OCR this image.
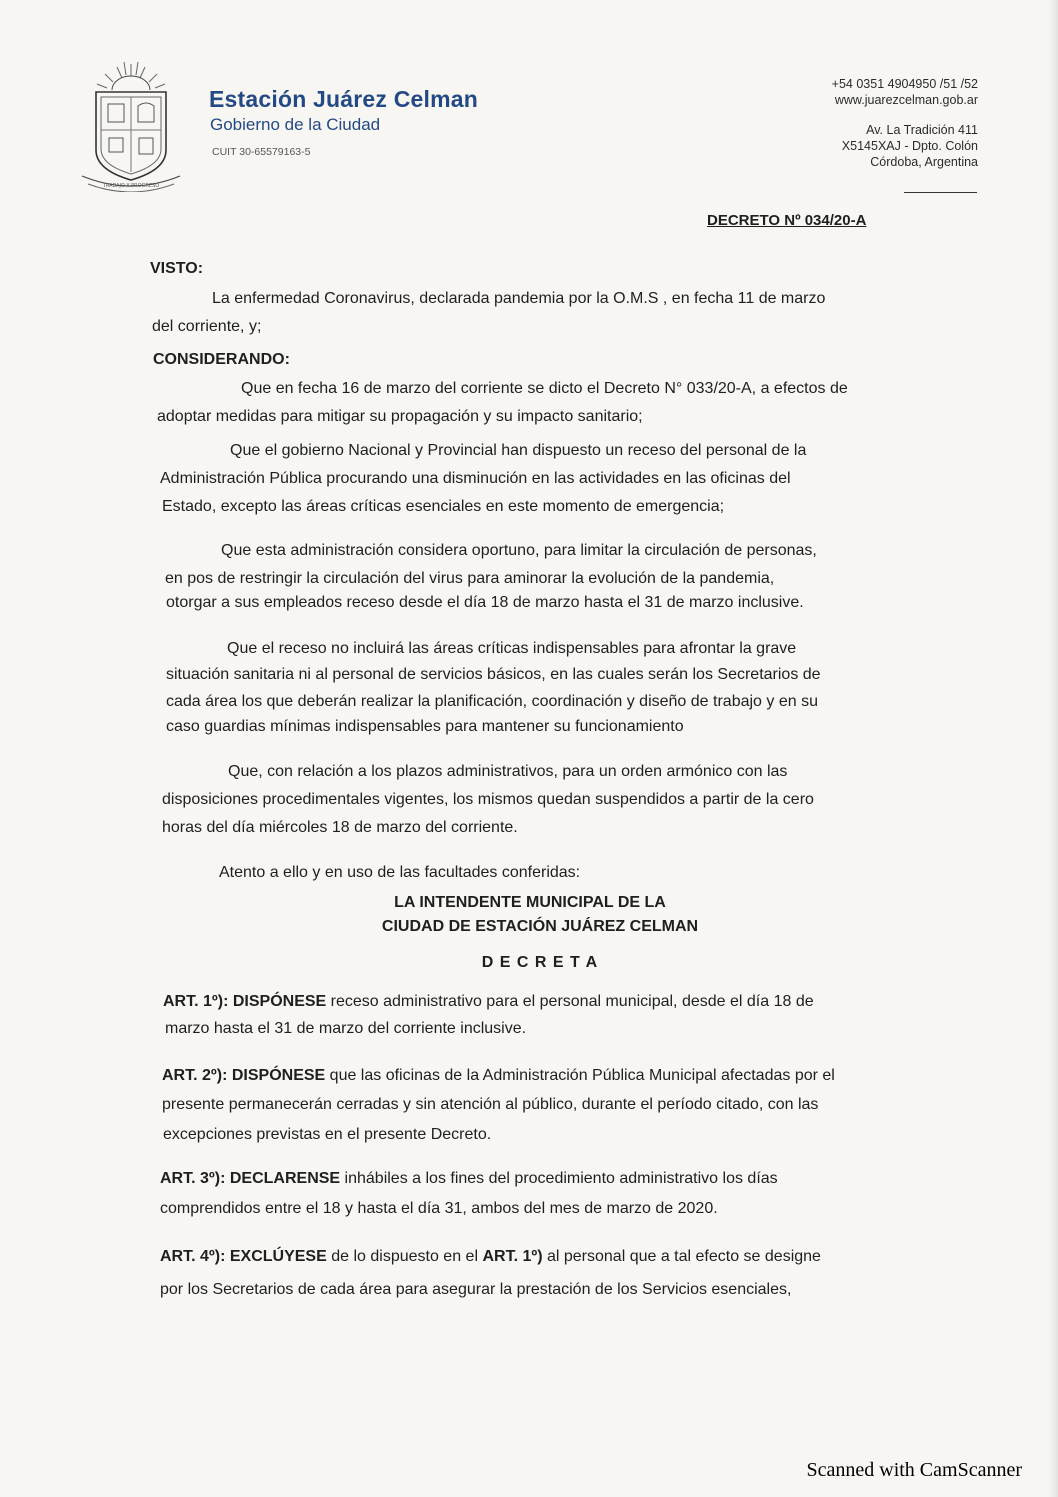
TRABAJO Y PROGRESO
Estación Juárez Celman
Gobierno de la Ciudad
CUIT 30-65579163-5
+54 0351 4904950 /51 /52
www.juarezcelman.gob.ar
Av. La Tradición 411
X5145XAJ - Dpto. Colón
Córdoba, Argentina
DECRETO Nº 034/20-A
VISTO:
La enfermedad Coronavirus, declarada pandemia por la O.M.S , en fecha 11 de marzo
del corriente, y;
CONSIDERANDO:
Que en fecha 16 de marzo del corriente se dicto el Decreto N° 033/20-A, a efectos de
adoptar medidas para mitigar su propagación y su impacto sanitario;
Que el gobierno Nacional y Provincial han dispuesto un receso del personal de la
Administración Pública procurando una disminución en las actividades en las oficinas del
Estado, excepto las áreas críticas esenciales en este momento de emergencia;
Que esta administración considera oportuno, para limitar la circulación de personas,
en pos de restringir la circulación del virus para aminorar la evolución de la pandemia,
otorgar a sus empleados receso desde el día 18 de marzo hasta el 31 de marzo inclusive.
Que el receso no incluirá las áreas críticas indispensables para afrontar la grave
situación sanitaria ni al personal de servicios básicos, en las cuales serán los Secretarios de
cada área los que deberán realizar la planificación, coordinación y diseño de trabajo y en su
caso guardias mínimas indispensables para mantener su funcionamiento
Que, con relación a los plazos administrativos, para un orden armónico con las
disposiciones procedimentales vigentes, los mismos quedan suspendidos a partir de la cero
horas del día miércoles 18 de marzo del corriente.
Atento a ello y en uso de las facultades conferidas:
LA INTENDENTE MUNICIPAL DE LA
CIUDAD DE ESTACIÓN JUÁREZ CELMAN
D E C R E T A
ART. 1º): DISPÓNESE receso administrativo para el personal municipal, desde el día 18 de
marzo hasta el 31 de marzo del corriente inclusive.
ART. 2º): DISPÓNESE que las oficinas de la Administración Pública Municipal afectadas por el
presente permanecerán cerradas y sin atención al público, durante el período citado, con las
excepciones previstas en el presente Decreto.
ART. 3º): DECLARENSE inhábiles a los fines del procedimiento administrativo los días
comprendidos entre el 18 y hasta el día 31, ambos del mes de marzo de 2020.
ART. 4º): EXCLÚYESE de lo dispuesto en el ART. 1º) al personal que a tal efecto se designe
por los Secretarios de cada área para asegurar la prestación de los Servicios esenciales,
Scanned with CamScanner
